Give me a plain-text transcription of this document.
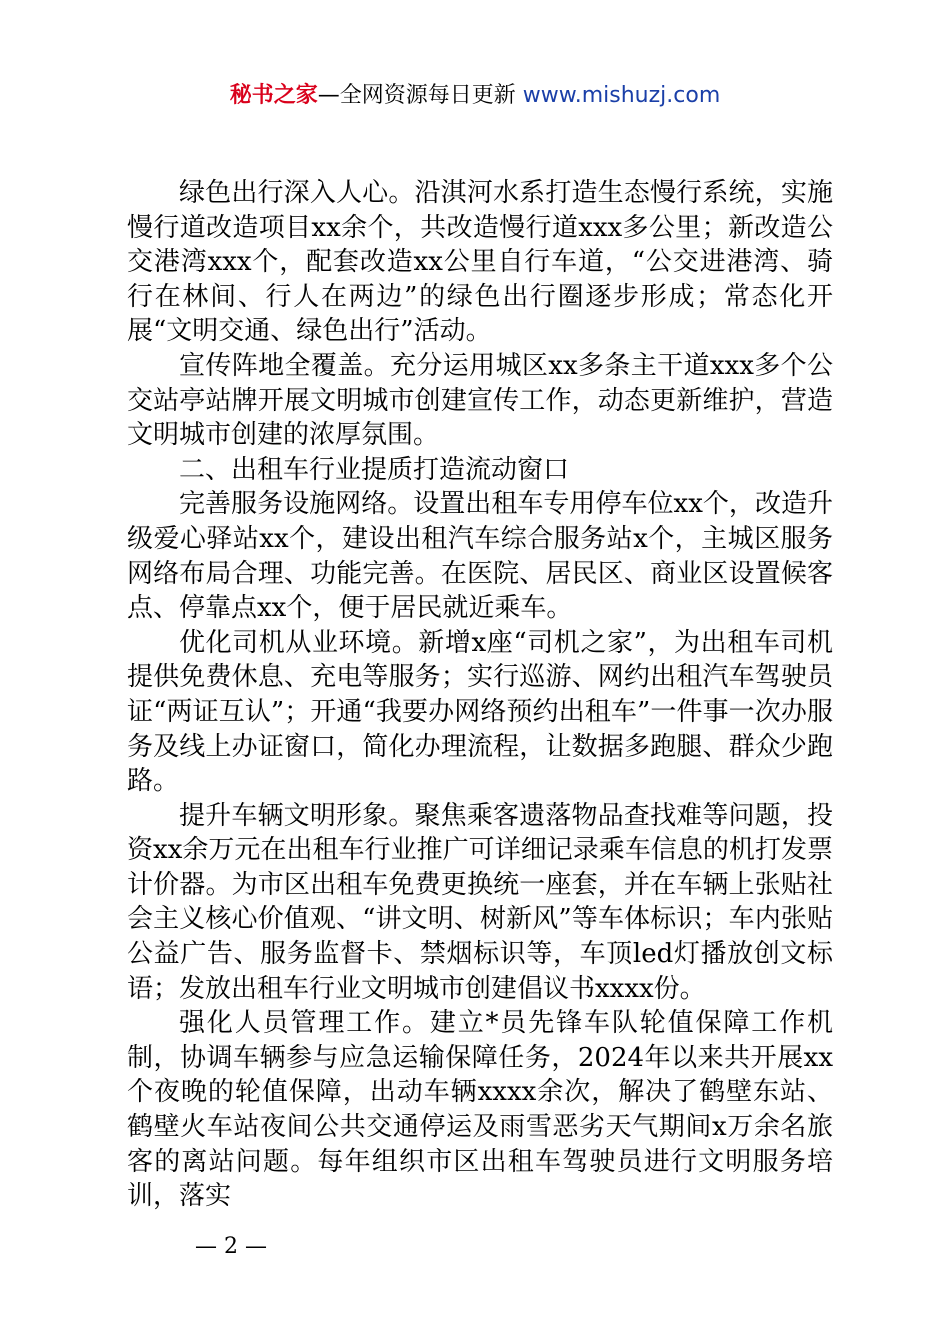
秘书之家—全网资源每日更新 www.mishuzj.com

绿色出行深入人心。沿淇河水系打造生态慢行系统，实施慢行道改造项目xx余个，共改造慢行道xxx多公里；新改造公交港湾xxx个，配套改造xx公里自行车道，“公交进港湾、骑行在林间、行人在两边”的绿色出行圈逐步形成；常态化开展“文明交通、绿色出行”活动。

宣传阵地全覆盖。充分运用城区xx多条主干道xxx多个公交站亭站牌开展文明城市创建宣传工作，动态更新维护，营造文明城市创建的浓厚氛围。

二、出租车行业提质打造流动窗口

完善服务设施网络。设置出租车专用停车位xx个，改造升级爱心驿站xx个，建设出租汽车综合服务站x个，主城区服务网络布局合理、功能完善。在医院、居民区、商业区设置候客点、停靠点xx个，便于居民就近乘车。

优化司机从业环境。新增x座“司机之家”，为出租车司机提供免费休息、充电等服务；实行巡游、网约出租汽车驾驶员证“两证互认”；开通“我要办网络预约出租车”一件事一次办服务及线上办证窗口，简化办理流程，让数据多跑腿、群众少跑路。

提升车辆文明形象。聚焦乘客遗落物品查找难等问题，投资xx余万元在出租车行业推广可详细记录乘车信息的机打发票计价器。为市区出租车免费更换统一座套，并在车辆上张贴社会主义核心价值观、“讲文明、树新风”等车体标识；车内张贴公益广告、服务监督卡、禁烟标识等，车顶led灯播放创文标语；发放出租车行业文明城市创建倡议书xxxx份。

强化人员管理工作。建立*员先锋车队轮值保障工作机制，协调车辆参与应急运输保障任务，2024年以来共开展xx个夜晚的轮值保障，出动车辆xxxx余次，解决了鹤壁东站、鹤壁火车站夜间公共交通停运及雨雪恶劣天气期间x万余名旅客的离站问题。每年组织市区出租车驾驶员进行文明服务培训，落实

— 2 —
